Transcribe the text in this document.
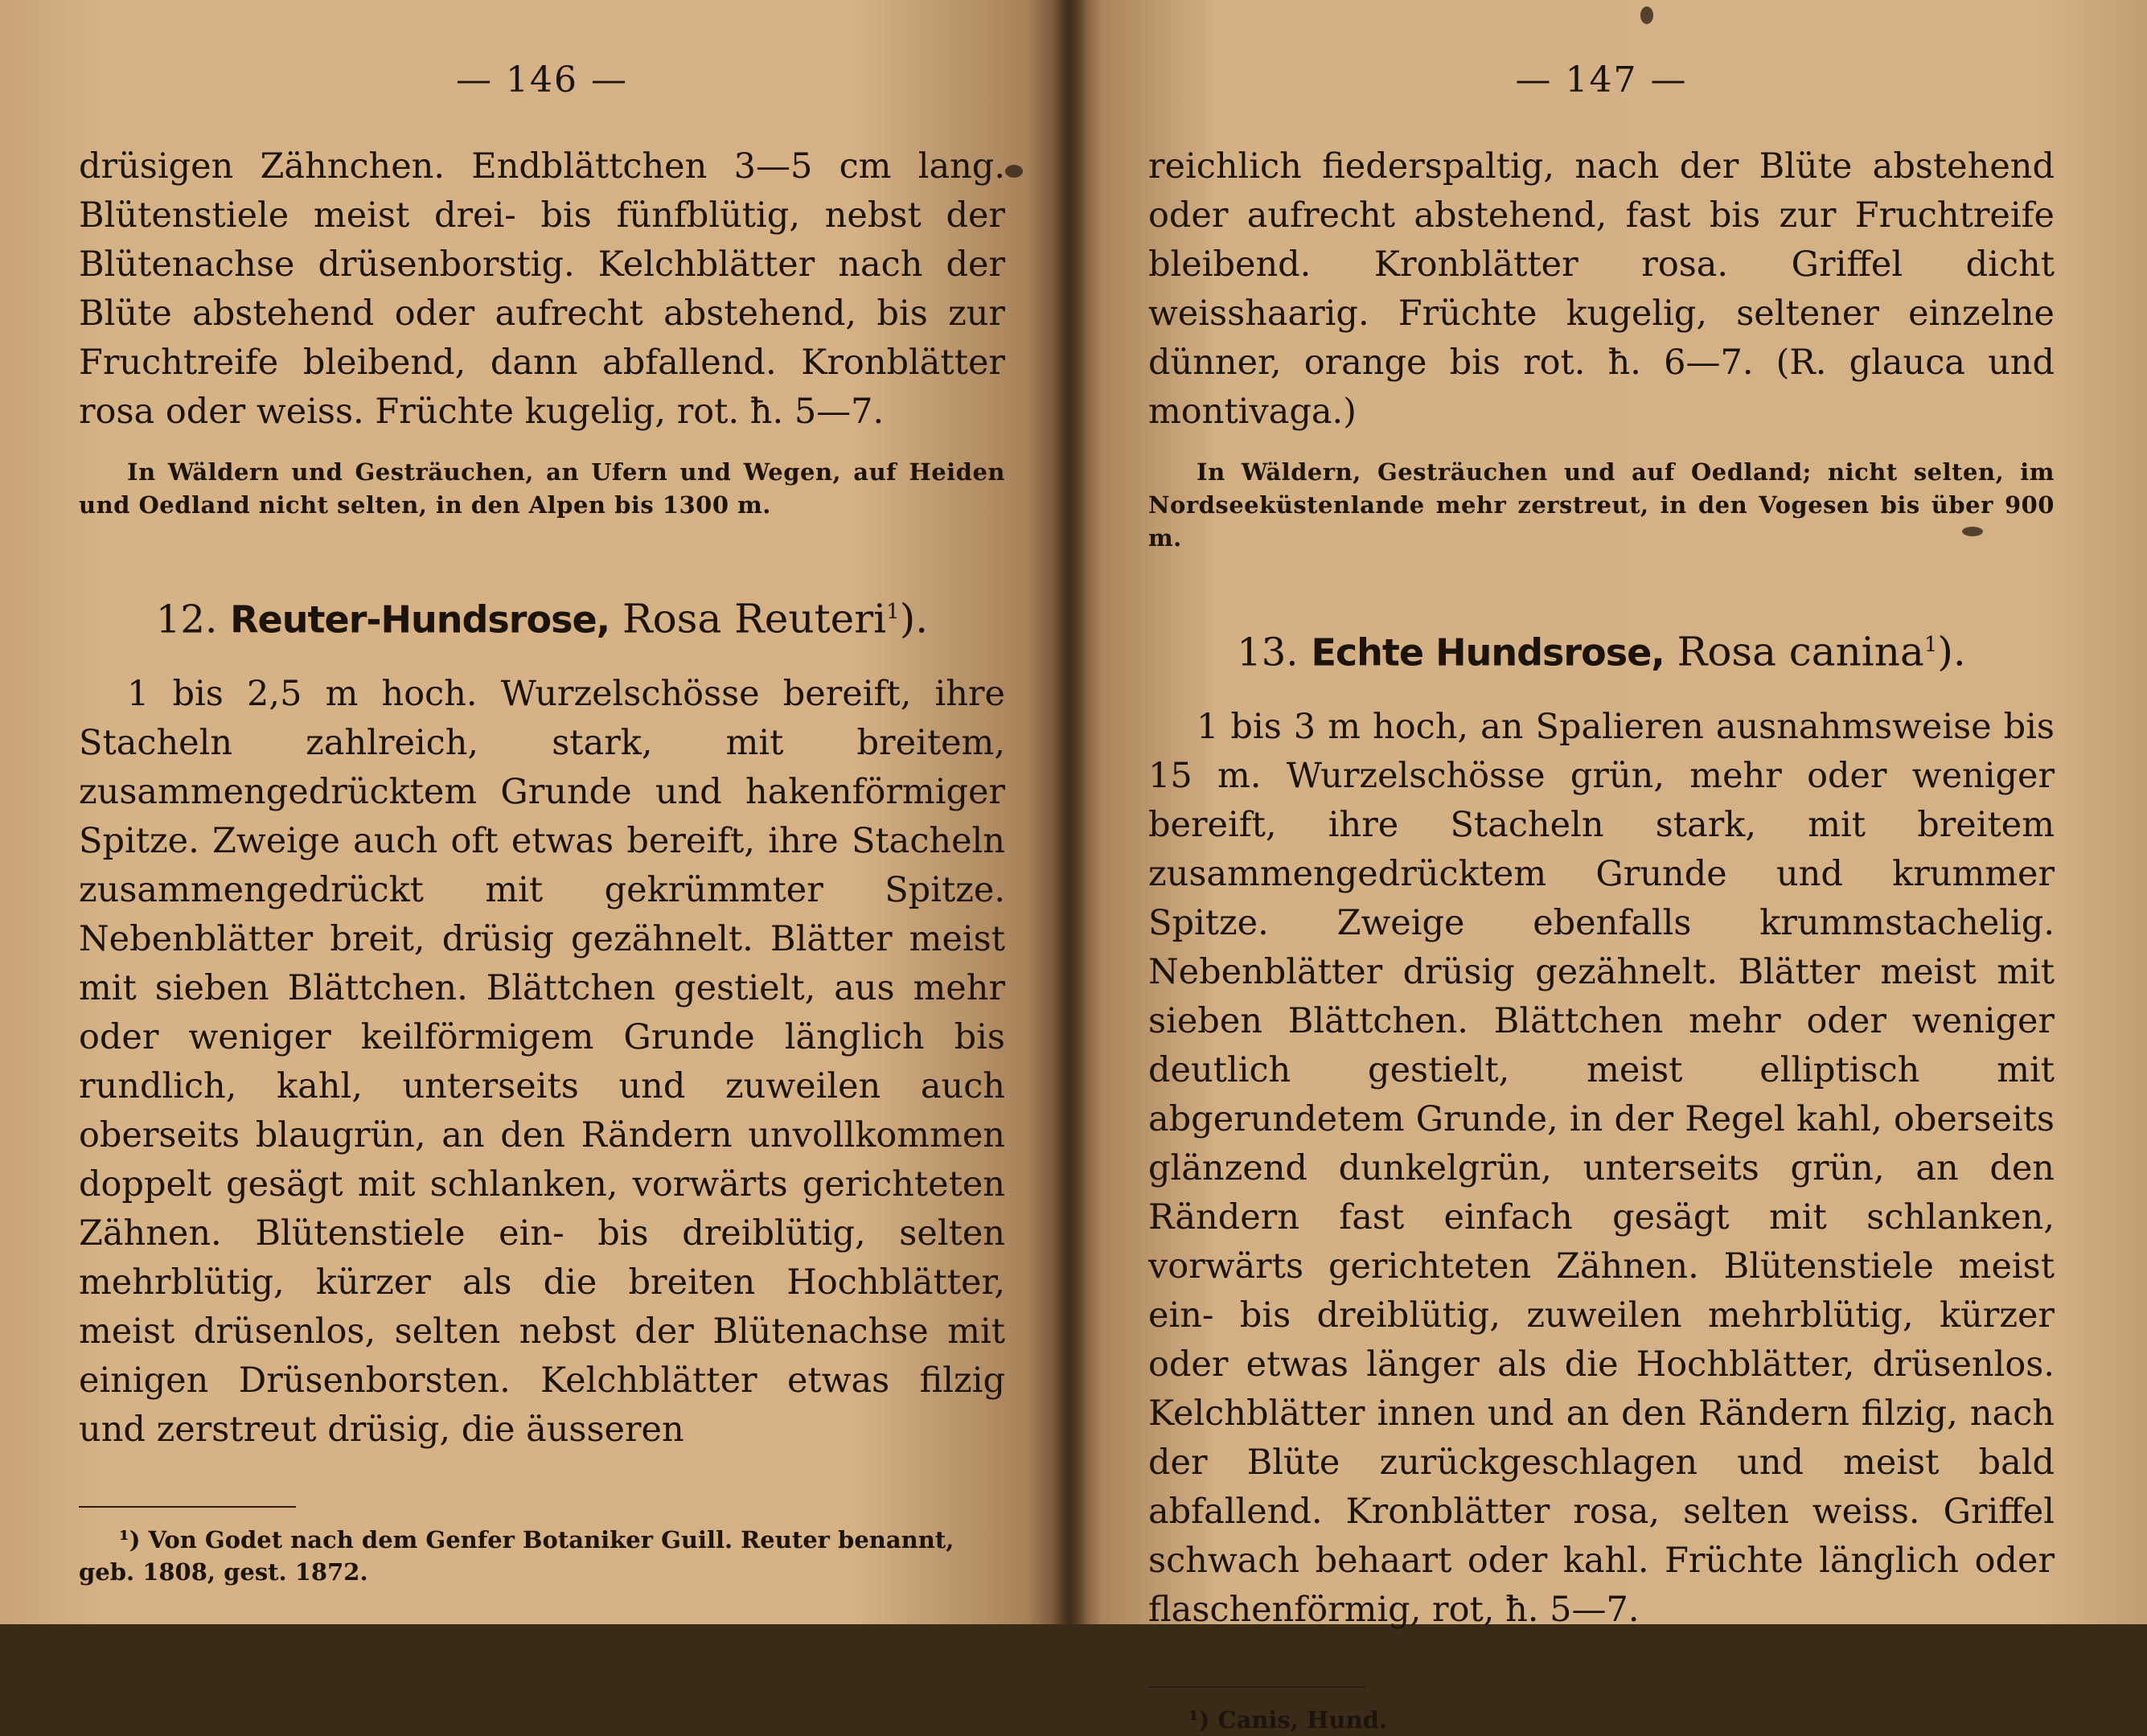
— 146 —

drüsigen Zähnchen. Endblättchen 3—5 cm lang. Blütenstiele meist drei- bis fünfblütig, nebst der Blütenachse drüsenborstig. Kelchblätter nach der Blüte abstehend oder aufrecht abstehend, bis zur Fruchtreife bleibend, dann abfallend. Kronblätter rosa oder weiss. Früchte kugelig, rot. ħ. 5—7.

In Wäldern und Gesträuchen, an Ufern und Wegen, auf Heiden und Oedland nicht selten, in den Alpen bis 1300 m.

12. Reuter-Hundsrose, Rosa Reuteri$^1$).

1 bis 2,5 m hoch. Wurzelschösse bereift, ihre Stacheln zahlreich, stark, mit breitem, zusammengedrücktem Grunde und hakenförmiger Spitze. Zweige auch oft etwas bereift, ihre Stacheln zusammengedrückt mit gekrümmter Spitze. Nebenblätter breit, drüsig gezähnelt. Blätter meist mit sieben Blättchen. Blättchen gestielt, aus mehr oder weniger keilförmigem Grunde länglich bis rundlich, kahl, unterseits und zuweilen auch oberseits blaugrün, an den Rändern unvollkommen doppelt gesägt mit schlanken, vorwärts gerichteten Zähnen. Blütenstiele ein- bis dreiblütig, selten mehrblütig, kürzer als die breiten Hochblätter, meist drüsenlos, selten nebst der Blütenachse mit einigen Drüsenborsten. Kelchblätter etwas filzig und zerstreut drüsig, die äusseren

¹) Von Godet nach dem Genfer Botaniker Guill. Reuter benannt, geb. 1808, gest. 1872.

— 147 —

reichlich fiederspaltig, nach der Blüte abstehend oder aufrecht abstehend, fast bis zur Fruchtreife bleibend. Kronblätter rosa. Griffel dicht weisshaarig. Früchte kugelig, seltener einzelne dünner, orange bis rot. ħ. 6—7. (R. glauca und montivaga.)

In Wäldern, Gesträuchen und auf Oedland; nicht selten, im Nordseeküstenlande mehr zerstreut, in den Vogesen bis über 900 m.

13. Echte Hundsrose, Rosa canina$^1$).

1 bis 3 m hoch, an Spalieren ausnahmsweise bis 15 m. Wurzelschösse grün, mehr oder weniger bereift, ihre Stacheln stark, mit breitem zusammengedrücktem Grunde und krummer Spitze. Zweige ebenfalls krummstachelig. Nebenblätter drüsig gezähnelt. Blätter meist mit sieben Blättchen. Blättchen mehr oder weniger deutlich gestielt, meist elliptisch mit abgerundetem Grunde, in der Regel kahl, oberseits glänzend dunkelgrün, unterseits grün, an den Rändern fast einfach gesägt mit schlanken, vorwärts gerichteten Zähnen. Blütenstiele meist ein- bis dreiblütig, zuweilen mehrblütig, kürzer oder etwas länger als die Hochblätter, drüsenlos. Kelchblätter innen und an den Rändern filzig, nach der Blüte zurückgeschlagen und meist bald abfallend. Kronblätter rosa, selten weiss. Griffel schwach behaart oder kahl. Früchte länglich oder flaschenförmig, rot, ħ. 5—7.

¹) Canis, Hund.
